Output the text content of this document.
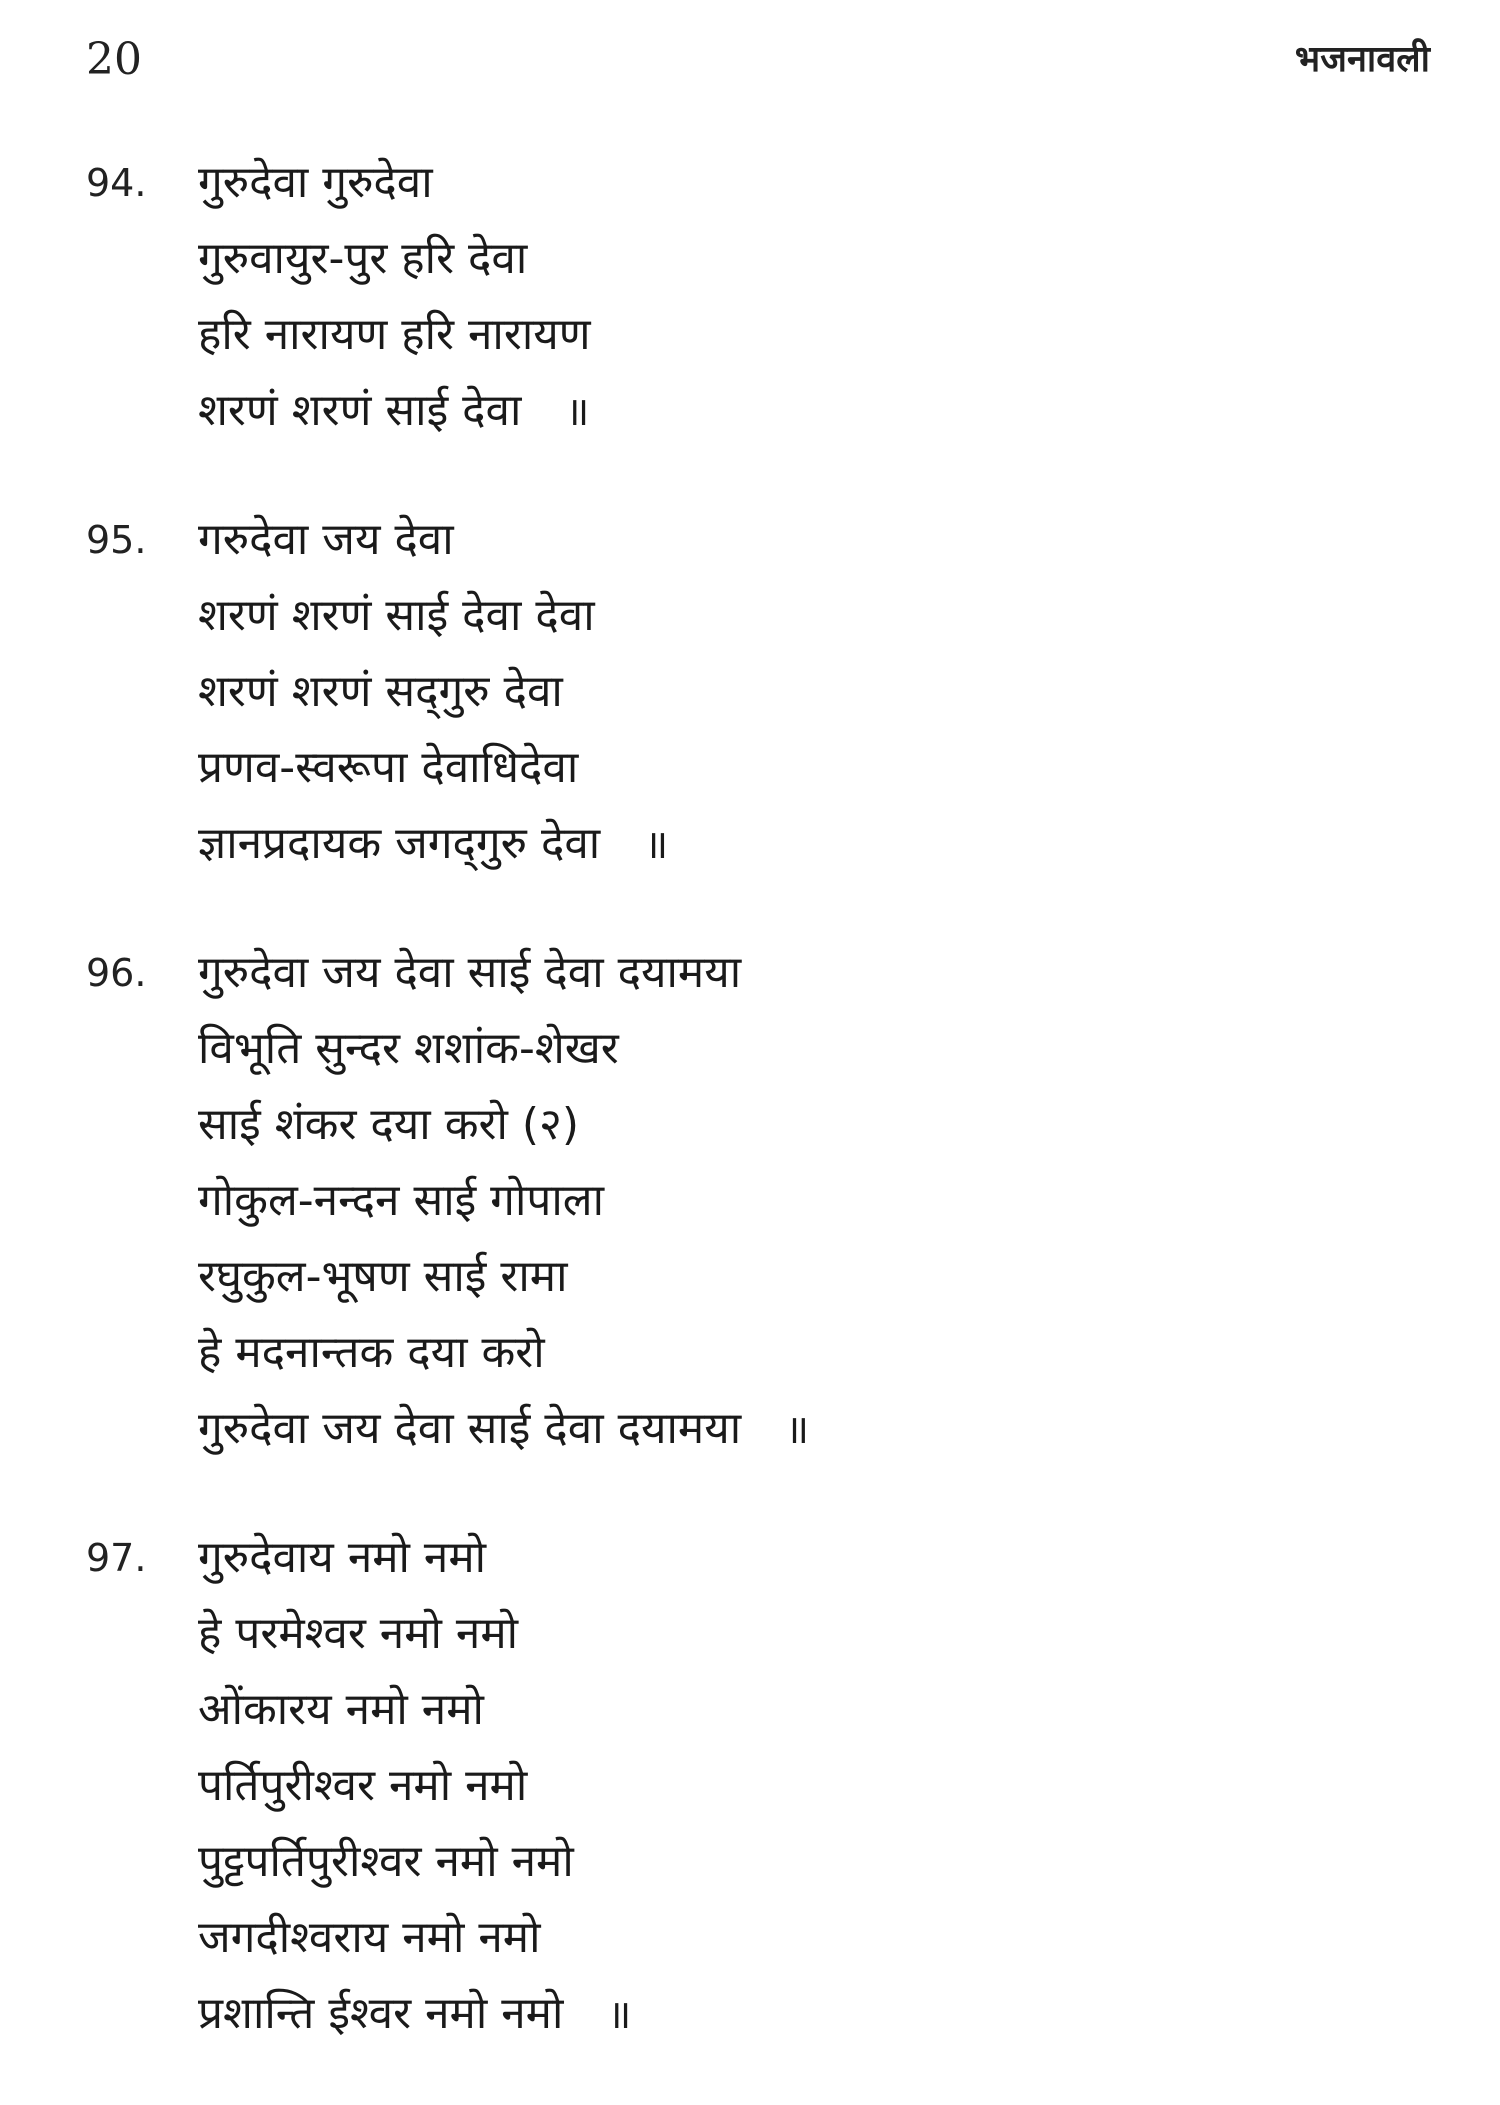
20	भजनावली
94. गुरुदेवा गुरुदेवा
गुरुवायुर-पुर हरि देवा
हरि नारायण हरि नारायण
शरणं शरणं साई देवा ॥
95. गरुदेवा जय देवा
शरणं शरणं साई देवा देवा
शरणं शरणं सद्‌गुरु देवा
प्रणव-स्वरूपा देवाधिदेवा
ज्ञानप्रदायक जगद्‌गुरु देवा ॥
96. गुरुदेवा जय देवा साई देवा दयामया
विभूति सुन्दर शशांक-शेखर
साई शंकर दया करो (२)
गोकुल-नन्दन साई गोपाला
रघुकुल-भूषण साई रामा
हे मदनान्तक दया करो
गुरुदेवा जय देवा साई देवा दयामया ॥
97. गुरुदेवाय नमो नमो
हे परमेश्वर नमो नमो
ओंकारय नमो नमो
पर्तिपुरीश्वर नमो नमो
पुट्टपर्तिपुरीश्वर नमो नमो
जगदीश्वराय नमो नमो
प्रशान्ति ईश्वर नमो नमो ॥
